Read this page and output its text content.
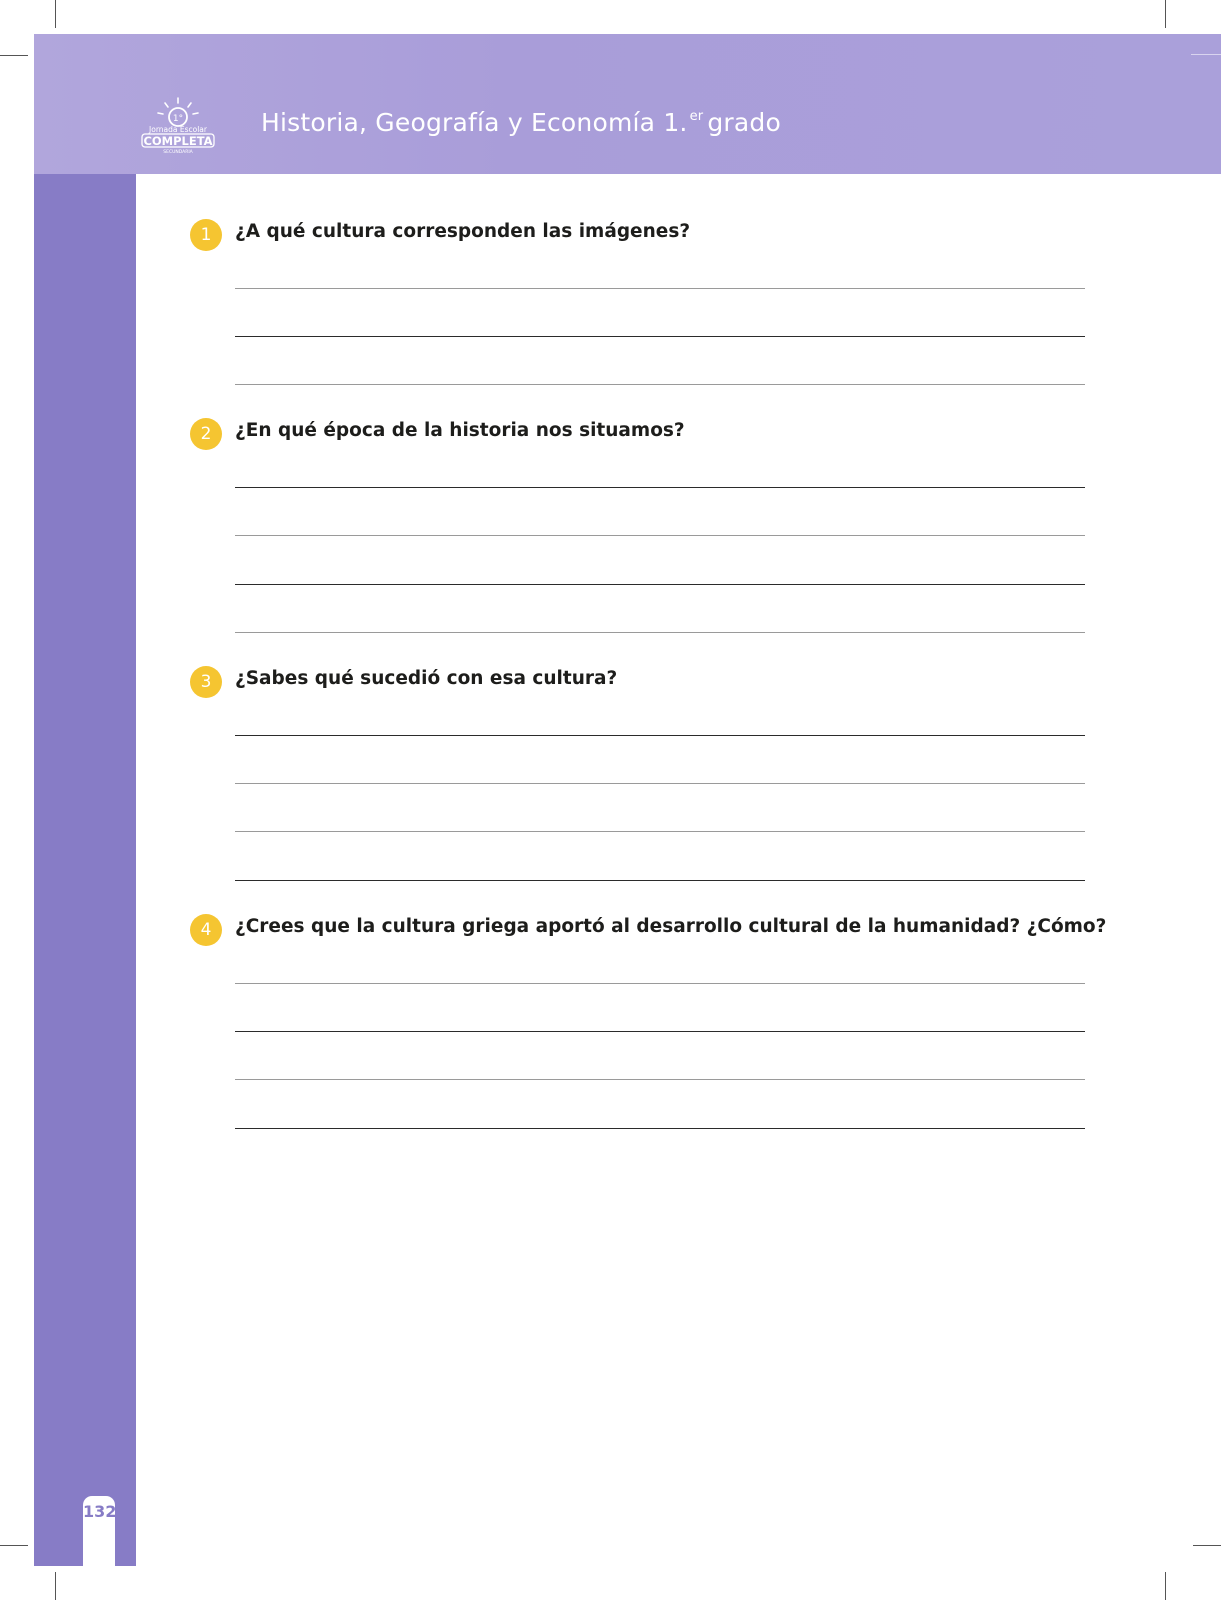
1°
Jornada Escolar
COMPLETA
SECUNDARIA
Historia, Geografía y Economía 1. $^{er}$ grado
132
1	¿A qué cultura corresponden las imágenes?
2	¿En qué época de la historia nos situamos?
3	¿Sabes qué sucedió con esa cultura?
4	¿Crees que la cultura griega aportó al desarrollo cultural de la humanidad? ¿Cómo?
